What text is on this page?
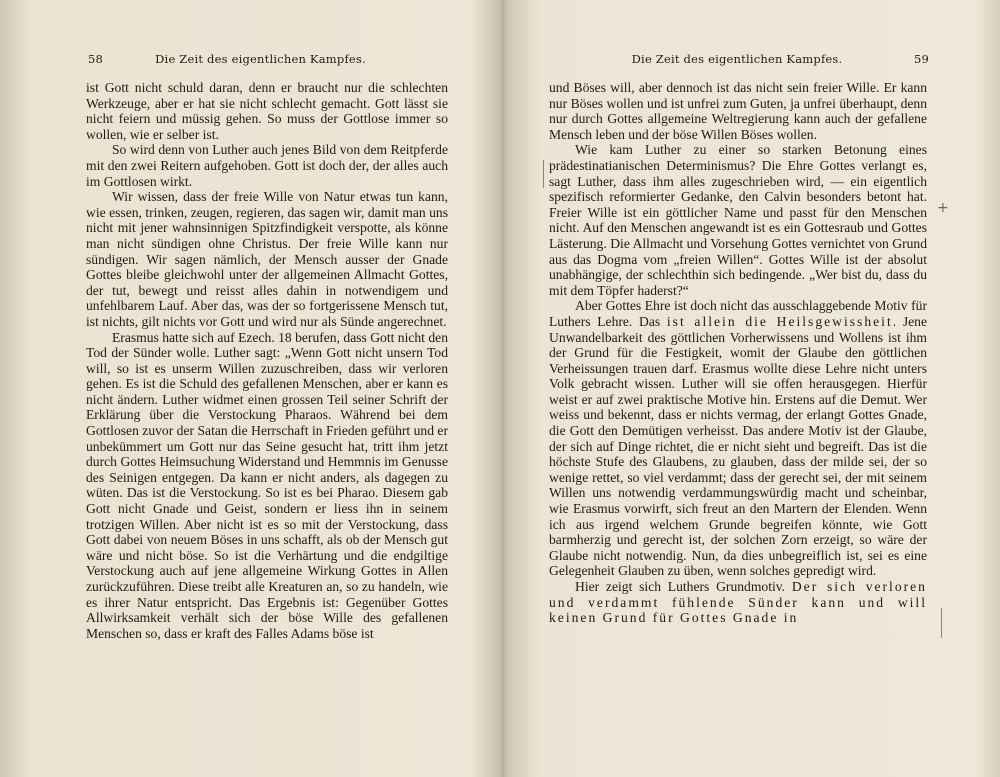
58	Die Zeit des eigentlichen Kampfes.

ist Gott nicht schuld daran, denn er braucht nur die schlechten Werkzeuge, aber er hat sie nicht schlecht gemacht. Gott lässt sie nicht feiern und müssig gehen. So muss der Gottlose immer so wollen, wie er selber ist.

So wird denn von Luther auch jenes Bild von dem Reitpferde mit den zwei Reitern aufgehoben. Gott ist doch der, der alles auch im Gottlosen wirkt.

Wir wissen, dass der freie Wille von Natur etwas tun kann, wie essen, trinken, zeugen, regieren, das sagen wir, damit man uns nicht mit jener wahnsinnigen Spitzfindigkeit verspotte, als könne man nicht sündigen ohne Christus. Der freie Wille kann nur sündigen. Wir sagen nämlich, der Mensch ausser der Gnade Gottes bleibe gleichwohl unter der allgemeinen Allmacht Gottes, der tut, bewegt und reisst alles dahin in notwendigem und unfehlbarem Lauf. Aber das, was der so fortgerissene Mensch tut, ist nichts, gilt nichts vor Gott und wird nur als Sünde angerechnet.

Erasmus hatte sich auf Ezech. 18 berufen, dass Gott nicht den Tod der Sünder wolle. Luther sagt: „Wenn Gott nicht unsern Tod will, so ist es unserm Willen zuzuschreiben, dass wir verloren gehen. Es ist die Schuld des gefallenen Menschen, aber er kann es nicht ändern. Luther widmet einen grossen Teil seiner Schrift der Erklärung über die Verstockung Pharaos. Während bei dem Gottlosen zuvor der Satan die Herrschaft in Frieden geführt und er unbekümmert um Gott nur das Seine gesucht hat, tritt ihm jetzt durch Gottes Heimsuchung Widerstand und Hemmnis im Genusse des Seinigen entgegen. Da kann er nicht anders, als dagegen zu wüten. Das ist die Verstockung. So ist es bei Pharao. Diesem gab Gott nicht Gnade und Geist, sondern er liess ihn in seinem trotzigen Willen. Aber nicht ist es so mit der Verstockung, dass Gott dabei von neuem Böses in uns schafft, als ob der Mensch gut wäre und nicht böse. So ist die Verhärtung und die endgiltige Verstockung auch auf jene allgemeine Wirkung Gottes in Allen zurückzuführen. Diese treibt alle Kreaturen an, so zu handeln, wie es ihrer Natur entspricht. Das Ergebnis ist: Gegenüber Gottes Allwirksamkeit verhält sich der böse Wille des gefallenen Menschen so, dass er kraft des Falles Adams böse ist

Die Zeit des eigentlichen Kampfes.	59

und Böses will, aber dennoch ist das nicht sein freier Wille. Er kann nur Böses wollen und ist unfrei zum Guten, ja unfrei überhaupt, denn nur durch Gottes allgemeine Weltregierung kann auch der gefallene Mensch leben und der böse Willen Böses wollen.

Wie kam Luther zu einer so starken Betonung eines prädestinatianischen Determinismus? Die Ehre Gottes verlangt es, sagt Luther, dass ihm alles zugeschrieben wird, — ein eigentlich spezifisch reformierter Gedanke, den Calvin besonders betont hat. Freier Wille ist ein göttlicher Name und passt für den Menschen nicht. Auf den Menschen angewandt ist es ein Gottesraub und Gottes Lästerung. Die Allmacht und Vorsehung Gottes vernichtet von Grund aus das Dogma vom „freien Willen“. Gottes Wille ist der absolut unabhängige, der schlechthin sich bedingende. „Wer bist du, dass du mit dem Töpfer haderst?“

Aber Gottes Ehre ist doch nicht das ausschlaggebende Motiv für Luthers Lehre. Das ist allein die Heilsgewissheit. Jene Unwandelbarkeit des göttlichen Vorherwissens und Wollens ist ihm der Grund für die Festigkeit, womit der Glaube den göttlichen Verheissungen trauen darf. Erasmus wollte diese Lehre nicht unters Volk gebracht wissen. Luther will sie offen herausgegen. Hierfür weist er auf zwei praktische Motive hin. Erstens auf die Demut. Wer weiss und bekennt, dass er nichts vermag, der erlangt Gottes Gnade, die Gott den Demütigen verheisst. Das andere Motiv ist der Glaube, der sich auf Dinge richtet, die er nicht sieht und begreift. Das ist die höchste Stufe des Glaubens, zu glauben, dass der milde sei, der so wenige rettet, so viel verdammt; dass der gerecht sei, der mit seinem Willen uns notwendig verdammungswürdig macht und scheinbar, wie Erasmus vorwirft, sich freut an den Martern der Elenden. Wenn ich aus irgend welchem Grunde begreifen könnte, wie Gott barmherzig und gerecht ist, der solchen Zorn erzeigt, so wäre der Glaube nicht notwendig. Nun, da dies unbegreiflich ist, sei es eine Gelegenheit Glauben zu üben, wenn solches gepredigt wird.

Hier zeigt sich Luthers Grundmotiv. Der sich verloren und verdammt fühlende Sünder kann und will keinen Grund für Gottes Gnade in

+
